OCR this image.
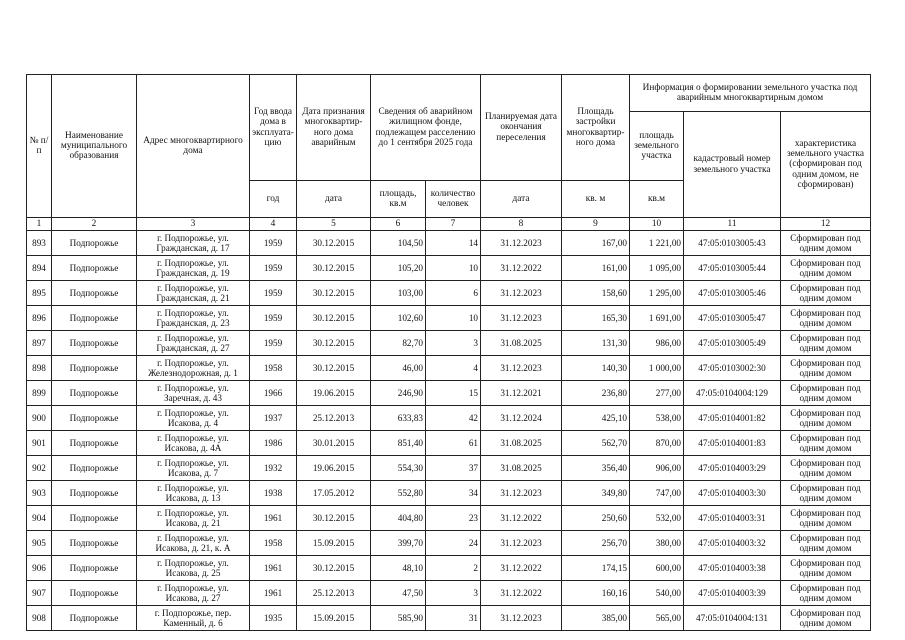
№ п/п	Наименование муниципального образования	Адрес многоквартирного дома	Год ввода дома в эксплуата-цию	Дата признания многоквартир-ного дома аварийным	Сведения об аварийном жилищном фонде, подлежащем расселению до 1 сентября 2025 года		Планируемая дата окончания переселения	Площадь застройки многоквартир-ного дома	Информация о формировании земельного участка под аварийным многоквартирным домом		
									площадь земельного участка	кадастровый номер земельного участка	характеристика земельного участка (сформирован под одним домом, не сформирован)
			год	дата	площадь, кв.м	количество человек	дата	кв. м	кв.м		
1	2	3	4	5	6	7	8	9	10	11	12
893	Подпорожье	г. Подпорожье, ул. Гражданская, д. 17	1959	30.12.2015	104,50	14	31.12.2023	167,00	1 221,00	47:05:0103005:43	Сформирован под одним домом
894	Подпорожье	г. Подпорожье, ул. Гражданская, д. 19	1959	30.12.2015	105,20	10	31.12.2022	161,00	1 095,00	47:05:0103005:44	Сформирован под одним домом
895	Подпорожье	г. Подпорожье, ул. Гражданская, д. 21	1959	30.12.2015	103,00	6	31.12.2023	158,60	1 295,00	47:05:0103005:46	Сформирован под одним домом
896	Подпорожье	г. Подпорожье, ул. Гражданская, д. 23	1959	30.12.2015	102,60	10	31.12.2023	165,30	1 691,00	47:05:0103005:47	Сформирован под одним домом
897	Подпорожье	г. Подпорожье, ул. Гражданская, д. 27	1959	30.12.2015	82,70	3	31.08.2025	131,30	986,00	47:05:0103005:49	Сформирован под одним домом
898	Подпорожье	г. Подпорожье, ул. Железнодорожная, д. 1	1958	30.12.2015	46,00	4	31.12.2023	140,30	1 000,00	47:05:0103002:30	Сформирован под одним домом
899	Подпорожье	г. Подпорожье, ул. Заречная, д. 43	1966	19.06.2015	246,90	15	31.12.2021	236,80	277,00	47:05:0104004:129	Сформирован под одним домом
900	Подпорожье	г. Подпорожье, ул. Исакова, д. 4	1937	25.12.2013	633,83	42	31.12.2024	425,10	538,00	47:05:0104001:82	Сформирован под одним домом
901	Подпорожье	г. Подпорожье, ул. Исакова, д. 4А	1986	30.01.2015	851,40	61	31.08.2025	562,70	870,00	47:05:0104001:83	Сформирован под одним домом
902	Подпорожье	г. Подпорожье, ул. Исакова, д. 7	1932	19.06.2015	554,30	37	31.08.2025	356,40	906,00	47:05:0104003:29	Сформирован под одним домом
903	Подпорожье	г. Подпорожье, ул. Исакова, д. 13	1938	17.05.2012	552,80	34	31.12.2023	349,80	747,00	47:05:0104003:30	Сформирован под одним домом
904	Подпорожье	г. Подпорожье, ул. Исакова, д. 21	1961	30.12.2015	404,80	23	31.12.2022	250,60	532,00	47:05:0104003:31	Сформирован под одним домом
905	Подпорожье	г. Подпорожье, ул. Исакова, д. 21, к. А	1958	15.09.2015	399,70	24	31.12.2023	256,70	380,00	47:05:0104003:32	Сформирован под одним домом
906	Подпорожье	г. Подпорожье, ул. Исакова, д. 25	1961	30.12.2015	48,10	2	31.12.2022	174,15	600,00	47:05:0104003:38	Сформирован под одним домом
907	Подпорожье	г. Подпорожье, ул. Исакова, д. 27	1961	25.12.2013	47,50	3	31.12.2022	160,16	540,00	47:05:0104003:39	Сформирован под одним домом
908	Подпорожье	г. Подпорожье, пер. Каменный, д. 6	1935	15.09.2015	585,90	31	31.12.2023	385,00	565,00	47:05:0104004:131	Сформирован под одним домом
